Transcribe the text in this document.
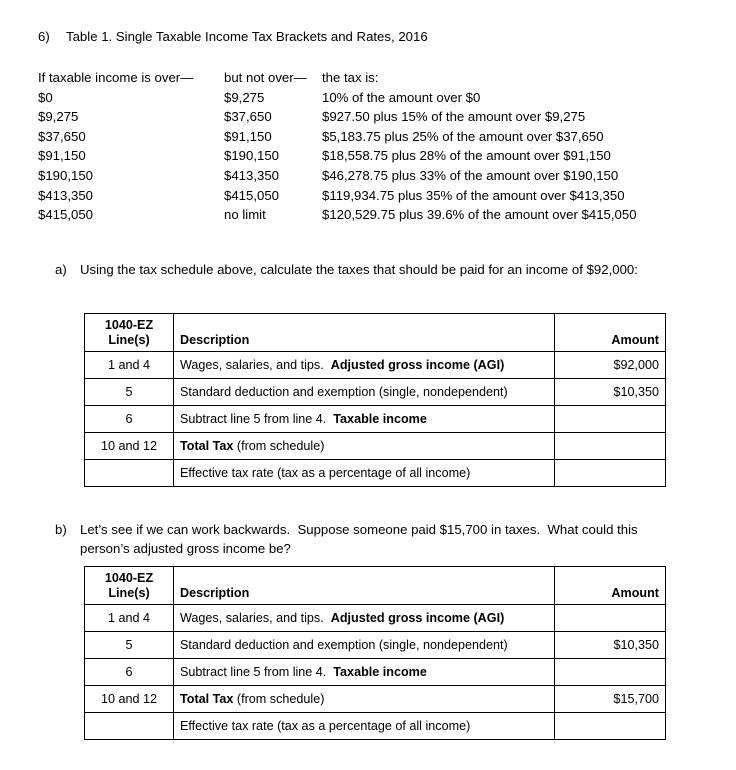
6) Table 1. Single Taxable Income Tax Brackets and Rates, 2016
If taxable income is over—	but not over—	the tax is:
$0	$9,275	10% of the amount over $0
$9,275	$37,650	$927.50 plus 15% of the amount over $9,275
$37,650	$91,150	$5,183.75 plus 25% of the amount over $37,650
$91,150	$190,150	$18,558.75 plus 28% of the amount over $91,150
$190,150	$413,350	$46,278.75 plus 33% of the amount over $190,150
$413,350	$415,050	$119,934.75 plus 35% of the amount over $413,350
$415,050	no limit	$120,529.75 plus 39.6% of the amount over $415,050
a) Using the tax schedule above, calculate the taxes that should be paid for an income of $92,000:
1040-EZ
Line(s)	Description	Amount
1 and 4	Wages, salaries, and tips.  Adjusted gross income (AGI)	$92,000
5	Standard deduction and exemption (single, nondependent)	$10,350
6	Subtract line 5 from line 4.  Taxable income	
10 and 12	Total Tax (from schedule)	
	Effective tax rate (tax as a percentage of all income)	
b)	Let’s see if we can work backwards.  Suppose someone paid $15,700 in taxes.  What could this person’s adjusted gross income be?
1040-EZ
Line(s)	Description	Amount
1 and 4	Wages, salaries, and tips.  Adjusted gross income (AGI)	
5	Standard deduction and exemption (single, nondependent)	$10,350
6	Subtract line 5 from line 4.  Taxable income	
10 and 12	Total Tax (from schedule)	$15,700
	Effective tax rate (tax as a percentage of all income)	
